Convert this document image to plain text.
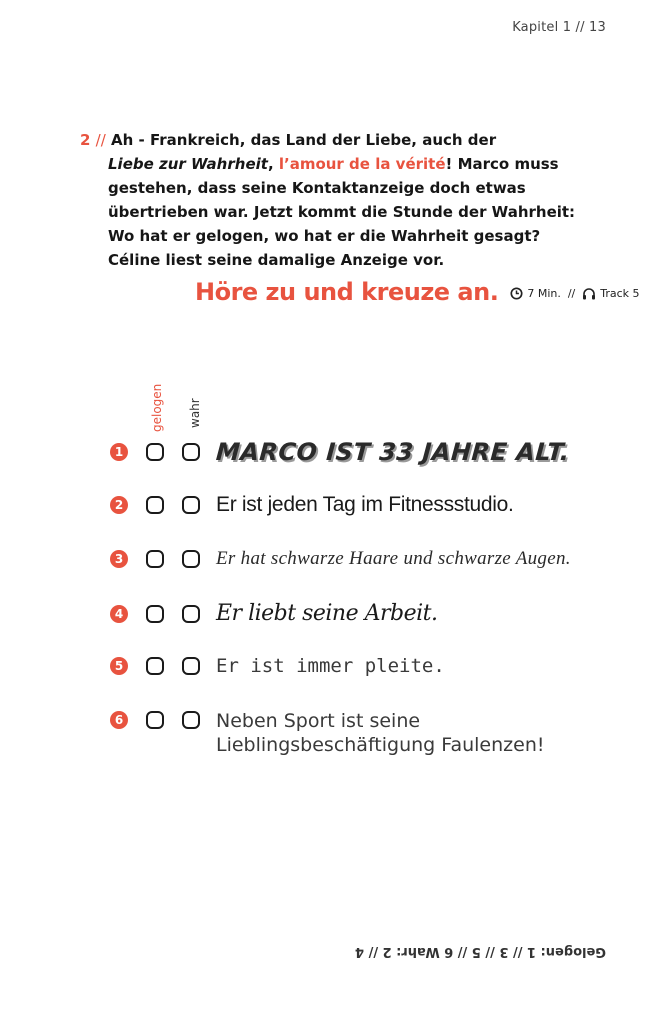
Kapitel 1 // 13
2 // Ah - Frankreich, das Land der Liebe, auch der
Liebe zur Wahrheit, l’amour de la vérité! Marco muss
gestehen, dass seine Kontaktanzeige doch etwas
übertrieben war. Jetzt kommt die Stunde der Wahrheit:
Wo hat er gelogen, wo hat er die Wahrheit gesagt?
Céline liest seine damalige Anzeige vor.
Höre zu und kreuze an.	7 Min. // Track 5
gelogen wahr
1	MARCO IST 33 JAHRE ALT.
2	Er ist jeden Tag im Fitnessstudio.
3	Er hat schwarze Haare und schwarze Augen.
4	Er liebt seine Arbeit.
5	Er ist immer pleite.
6	Neben Sport ist seine Lieblingsbeschäftigung Faulenzen!
Gelogen: 1 // 3 // 5 // 6 Wahr: 2 // 4
